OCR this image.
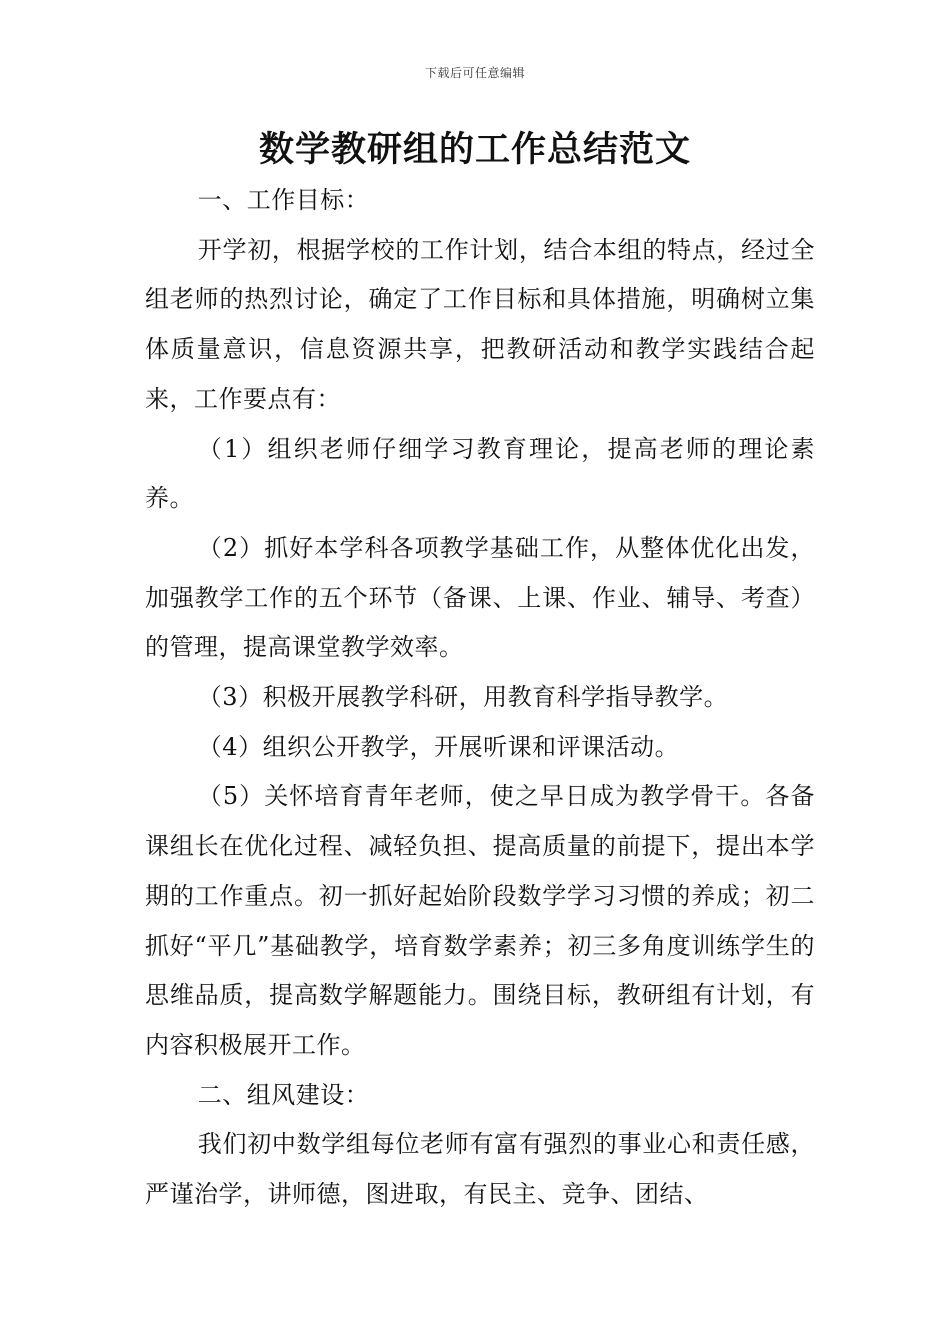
下载后可任意编辑
数学教研组的工作总结范文

一、工作目标：

开学初，根据学校的工作计划，结合本组的特点，经过全组老师的热烈讨论，确定了工作目标和具体措施，明确树立集体质量意识，信息资源共享，把教研活动和教学实践结合起来，工作要点有：

（1）组织老师仔细学习教育理论，提高老师的理论素养。

（2）抓好本学科各项教学基础工作，从整体优化出发，加强教学工作的五个环节（备课、上课、作业、辅导、考查）的管理，提高课堂教学效率。

（3）积极开展教学科研，用教育科学指导教学。

（4）组织公开教学，开展听课和评课活动。

（5）关怀培育青年老师，使之早日成为教学骨干。各备课组长在优化过程、减轻负担、提高质量的前提下，提出本学期的工作重点。初一抓好起始阶段数学学习习惯的养成；初二抓好“平几”基础教学，培育数学素养；初三多角度训练学生的思维品质，提高数学解题能力。围绕目标，教研组有计划，有内容积极展开工作。

二、组风建设：

我们初中数学组每位老师有富有强烈的事业心和责任感，严谨治学，讲师德，图进取，有民主、竞争、团结、
